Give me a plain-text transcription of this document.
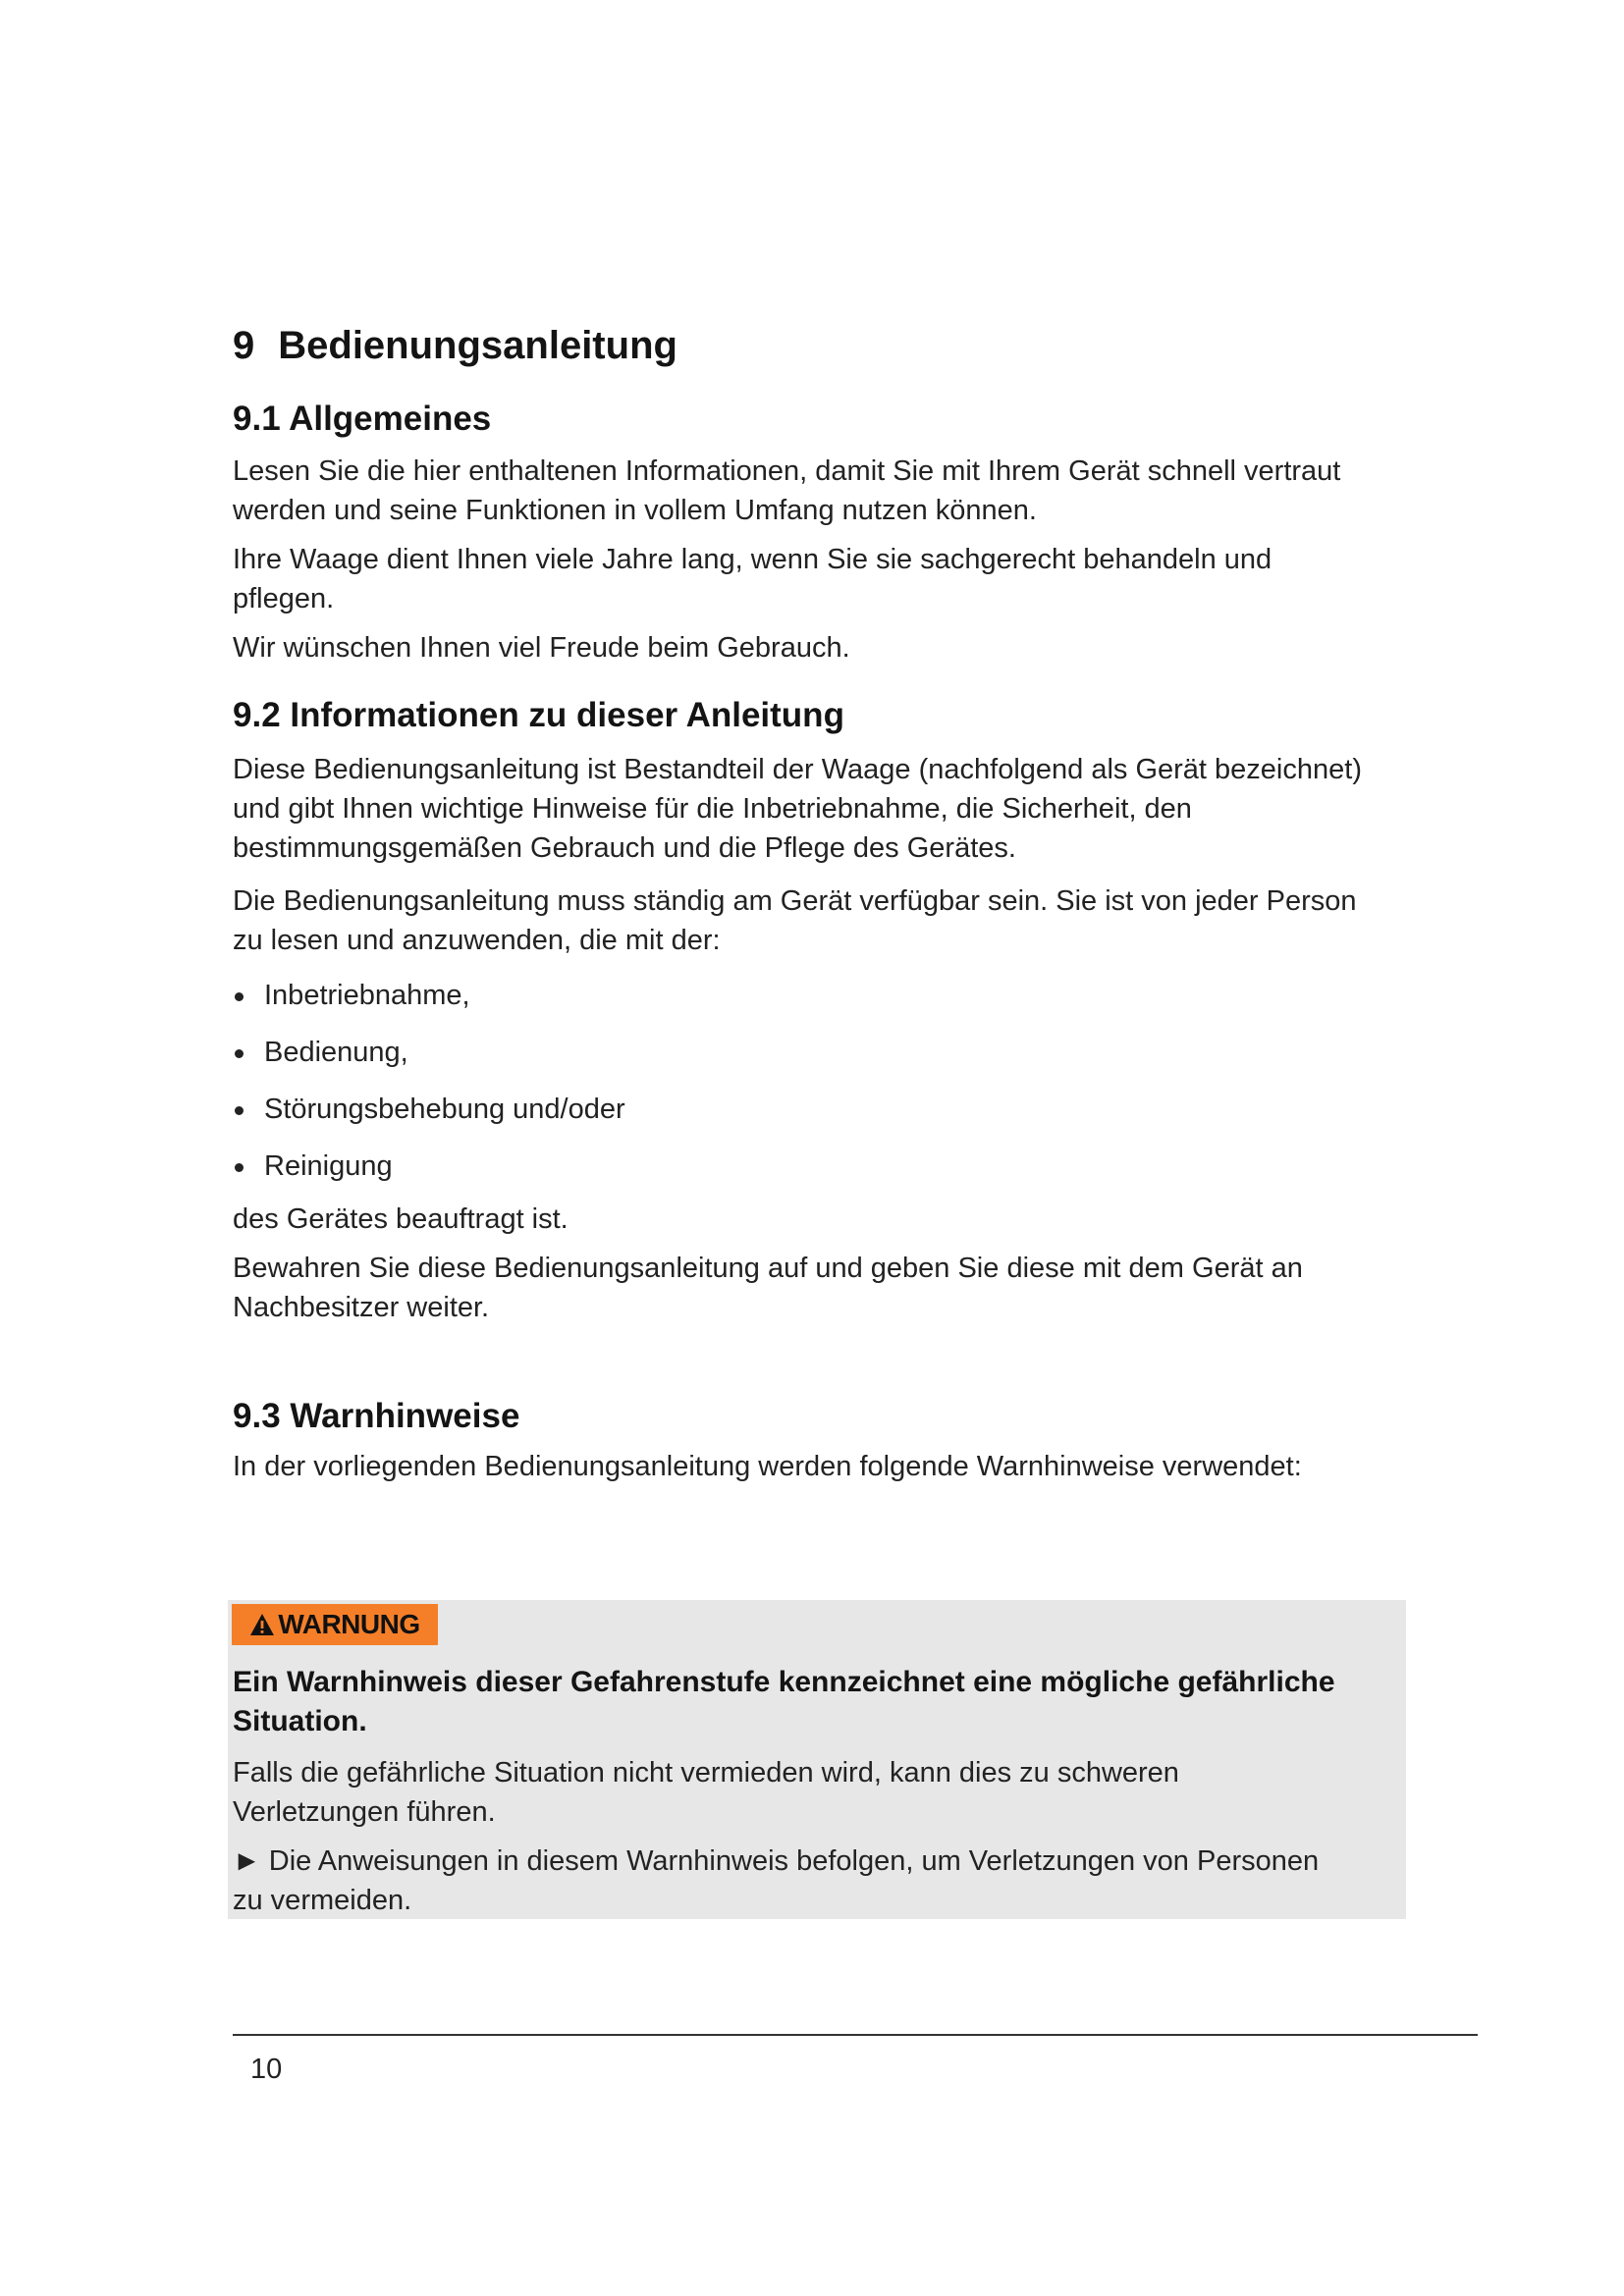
9 Bedienungsanleitung
9.1 Allgemeines

Lesen Sie die hier enthaltenen Informationen, damit Sie mit Ihrem Gerät schnell vertraut werden und seine Funktionen in vollem Umfang nutzen können.

Ihre Waage dient Ihnen viele Jahre lang, wenn Sie sie sachgerecht behandeln und pflegen.

Wir wünschen Ihnen viel Freude beim Gebrauch.

9.2 Informationen zu dieser Anleitung

Diese Bedienungsanleitung ist Bestandteil der Waage (nachfolgend als Gerät bezeichnet) und gibt Ihnen wichtige Hinweise für die Inbetriebnahme, die Sicherheit, den bestimmungsgemäßen Gebrauch und die Pflege des Gerätes.

Die Bedienungsanleitung muss ständig am Gerät verfügbar sein. Sie ist von jeder Person zu lesen und anzuwenden, die mit der:

Inbetriebnahme,
Bedienung,
Störungsbehebung und/oder
Reinigung

des Gerätes beauftragt ist.

Bewahren Sie diese Bedienungsanleitung auf und geben Sie diese mit dem Gerät an Nachbesitzer weiter.

9.3 Warnhinweise

In der vorliegenden Bedienungsanleitung werden folgende Warnhinweise verwendet:

WARNUNG

Ein Warnhinweis dieser Gefahrenstufe kennzeichnet eine mögliche gefährliche Situation.

Falls die gefährliche Situation nicht vermieden wird, kann dies zu schweren Verletzungen führen.

► Die Anweisungen in diesem Warnhinweis befolgen, um Verletzungen von Personen zu vermeiden.

10
